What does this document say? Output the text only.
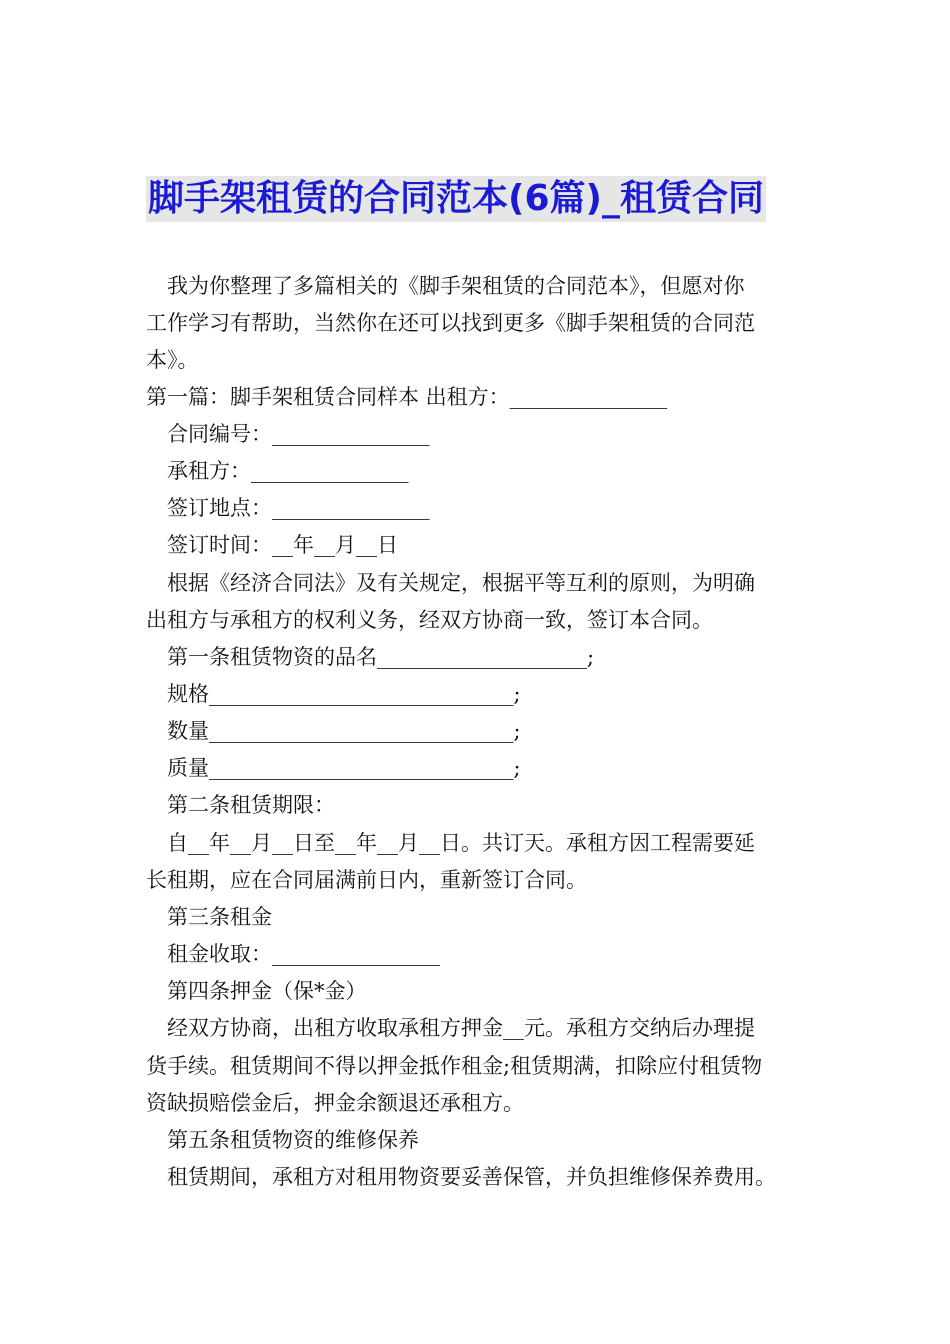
脚手架租赁的合同范本(6篇)_租赁合同
我为你整理了多篇相关的《脚手架租赁的合同范本》，但愿对你
工作学习有帮助，当然你在还可以找到更多《脚手架租赁的合同范
本》。
第一篇：脚手架租赁合同样本 出租方：_______________
合同编号：_______________
承租方：_______________
签订地点：_______________
签订时间：__年__月__日
根据《经济合同法》及有关规定，根据平等互利的原则，为明确
出租方与承租方的权利义务，经双方协商一致，签订本合同。
第一条租赁物资的品名____________________;
规格_____________________________;
数量_____________________________;
质量_____________________________;
第二条租赁期限：
自__年__月__日至__年__月__日。共订天。承租方因工程需要延
长租期，应在合同届满前日内，重新签订合同。
第三条租金
租金收取：________________
第四条押金（保*金）
经双方协商，出租方收取承租方押金__元。承租方交纳后办理提
货手续。租赁期间不得以押金抵作租金;租赁期满，扣除应付租赁物
资缺损赔偿金后，押金余额退还承租方。
第五条租赁物资的维修保养
租赁期间，承租方对租用物资要妥善保管，并负担维修保养费用。
